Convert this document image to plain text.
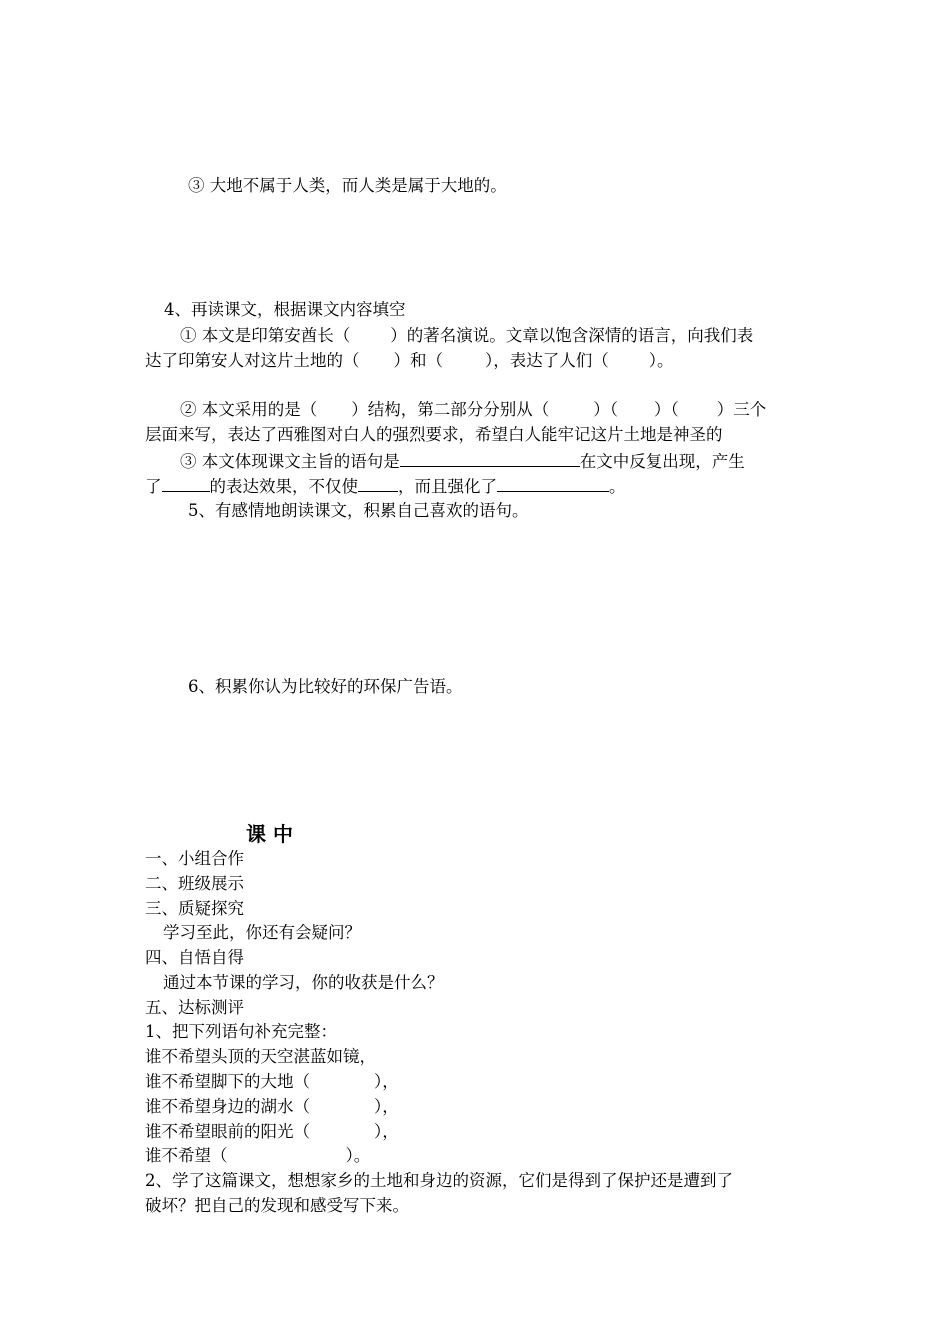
③ 大地不属于人类，而人类是属于大地的。
4、再读课文，根据课文内容填空
① 本文是印第安酋长（ ）的著名演说。文章以饱含深情的语言，向我们表
达了印第安人对这片土地的（ ）和（	），表达了人们（ ）。
② 本文采用的是（ ）结构，第二部分分别从（	）（ ）（ ）三个
层面来写，表达了西雅图对白人的强烈要求，希望白人能牢记这片土地是神圣的
③ 本文体现课文主旨的语句是	在文中反复出现，产生
了	的表达效果，不仅使 ，而且强化了	。
5、有感情地朗读课文，积累自己喜欢的语句。
6、积累你认为比较好的环保广告语。
课 中
一、小组合作
二、班级展示
三、质疑探究
学习至此，你还有会疑问？
四、自悟自得
通过本节课的学习，你的收获是什么？
五、达标测评
1、把下列语句补充完整：
谁不希望头顶的天空湛蓝如镜，
谁不希望脚下的大地（	），
谁不希望身边的湖水（	），
谁不希望眼前的阳光（	），
谁不希望（	）。
2、学了这篇课文，想想家乡的土地和身边的资源，它们是得到了保护还是遭到了
破坏？把自己的发现和感受写下来。
